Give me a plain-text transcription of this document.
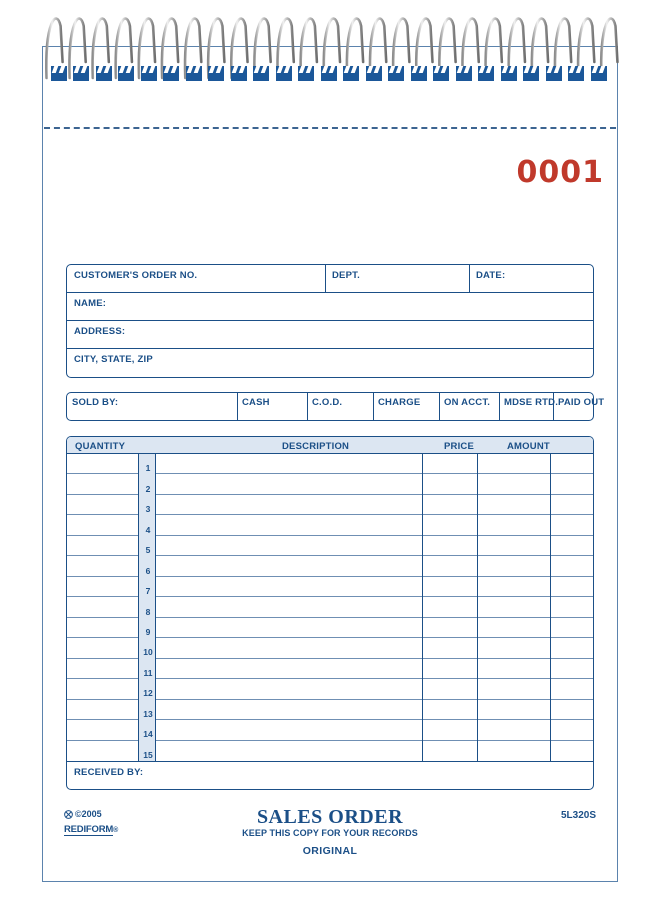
0001
CUSTOMER'S ORDER NO.	DEPT.	DATE:
NAME:
ADDRESS:
CITY, STATE, ZIP
SOLD BY:	CASH	C.O.D.	CHARGE	ON ACCT.	MDSE RTD. PAID OUT
QUANTITY	DESCRIPTION	PRICE	AMOUNT
1
2
3
4
5
6
7
8
9
10
11
12
13
14
15
RECEIVED BY:
©2005
REDIFORM®
SALES ORDER
KEEP THIS COPY FOR YOUR RECORDS
ORIGINAL
5L320S
